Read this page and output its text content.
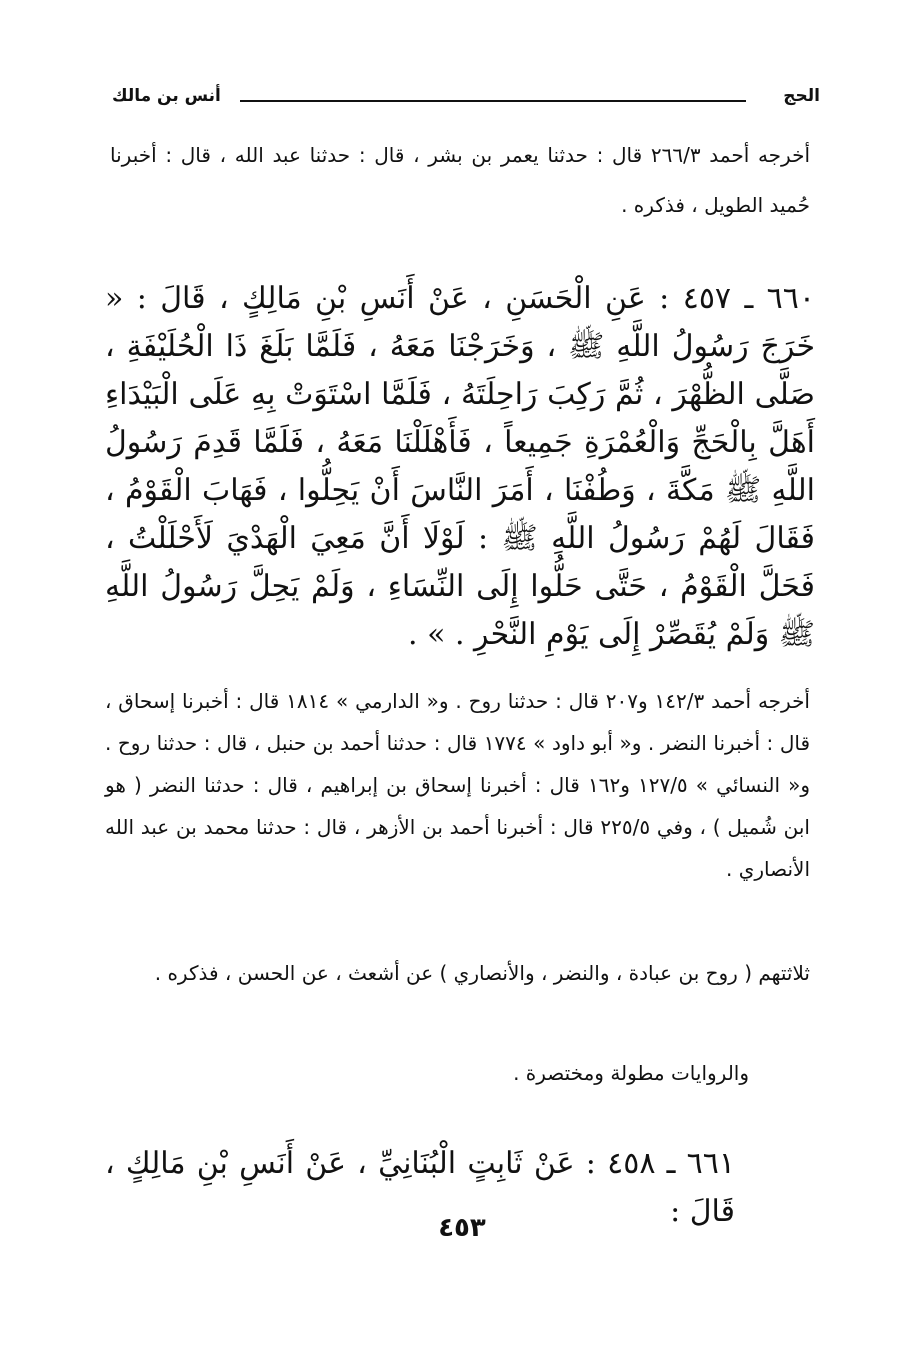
الحج
أنس بن مالك
أخرجه أحمد ٢٦٦/٣ قال : حدثنا يعمر بن بشر ، قال : حدثنا عبد الله ، قال : أخبرنا حُميد الطويل ، فذكره .
٦٦٠ ـ ٤٥٧ : عَنِ الْحَسَنِ ، عَنْ أَنَسِ بْنِ مَالِكٍ ، قَالَ : « خَرَجَ رَسُولُ اللَّهِ ﷺ ، وَخَرَجْنَا مَعَهُ ، فَلَمَّا بَلَغَ ذَا الْحُلَيْفَةِ ، صَلَّى الظُّهْرَ ، ثُمَّ رَكِبَ رَاحِلَتَهُ ، فَلَمَّا اسْتَوَتْ بِهِ عَلَى الْبَيْدَاءِ أَهَلَّ بِالْحَجِّ وَالْعُمْرَةِ جَمِيعاً ، فَأَهْلَلْنَا مَعَهُ ، فَلَمَّا قَدِمَ رَسُولُ اللَّهِ ﷺ مَكَّةَ ، وَطُفْنَا ، أَمَرَ النَّاسَ أَنْ يَحِلُّوا ، فَهَابَ الْقَوْمُ ، فَقَالَ لَهُمْ رَسُولُ اللَّهِ ﷺ : لَوْلَا أَنَّ مَعِيَ الْهَدْيَ لَأَحْلَلْتُ ، فَحَلَّ الْقَوْمُ ، حَتَّى حَلُّوا إِلَى النِّسَاءِ ، وَلَمْ يَحِلَّ رَسُولُ اللَّهِ ﷺ وَلَمْ يُقَصِّرْ إِلَى يَوْمِ النَّحْرِ . » .
أخرجه أحمد ١٤٢/٣ و٢٠٧ قال : حدثنا روح . و« الدارمي » ١٨١٤ قال : أخبرنا إسحاق ، قال : أخبرنا النضر . و« أبو داود » ١٧٧٤ قال : حدثنا أحمد بن حنبل ، قال : حدثنا روح . و« النسائي » ١٢٧/٥ و١٦٢ قال : أخبرنا إسحاق بن إبراهيم ، قال : حدثنا النضر ( هو ابن شُميل ) ، وفي ٢٢٥/٥ قال : أخبرنا أحمد بن الأزهر ، قال : حدثنا محمد بن عبد الله الأنصاري .
ثلاثتهم ( روح بن عبادة ، والنضر ، والأنصاري ) عن أشعث ، عن الحسن ، فذكره .
والروايات مطولة ومختصرة .
٦٦١ ـ ٤٥٨ : عَنْ ثَابِتٍ الْبُنَانِيِّ ، عَنْ أَنَسِ بْنِ مَالِكٍ ، قَالَ :
٤٥٣
